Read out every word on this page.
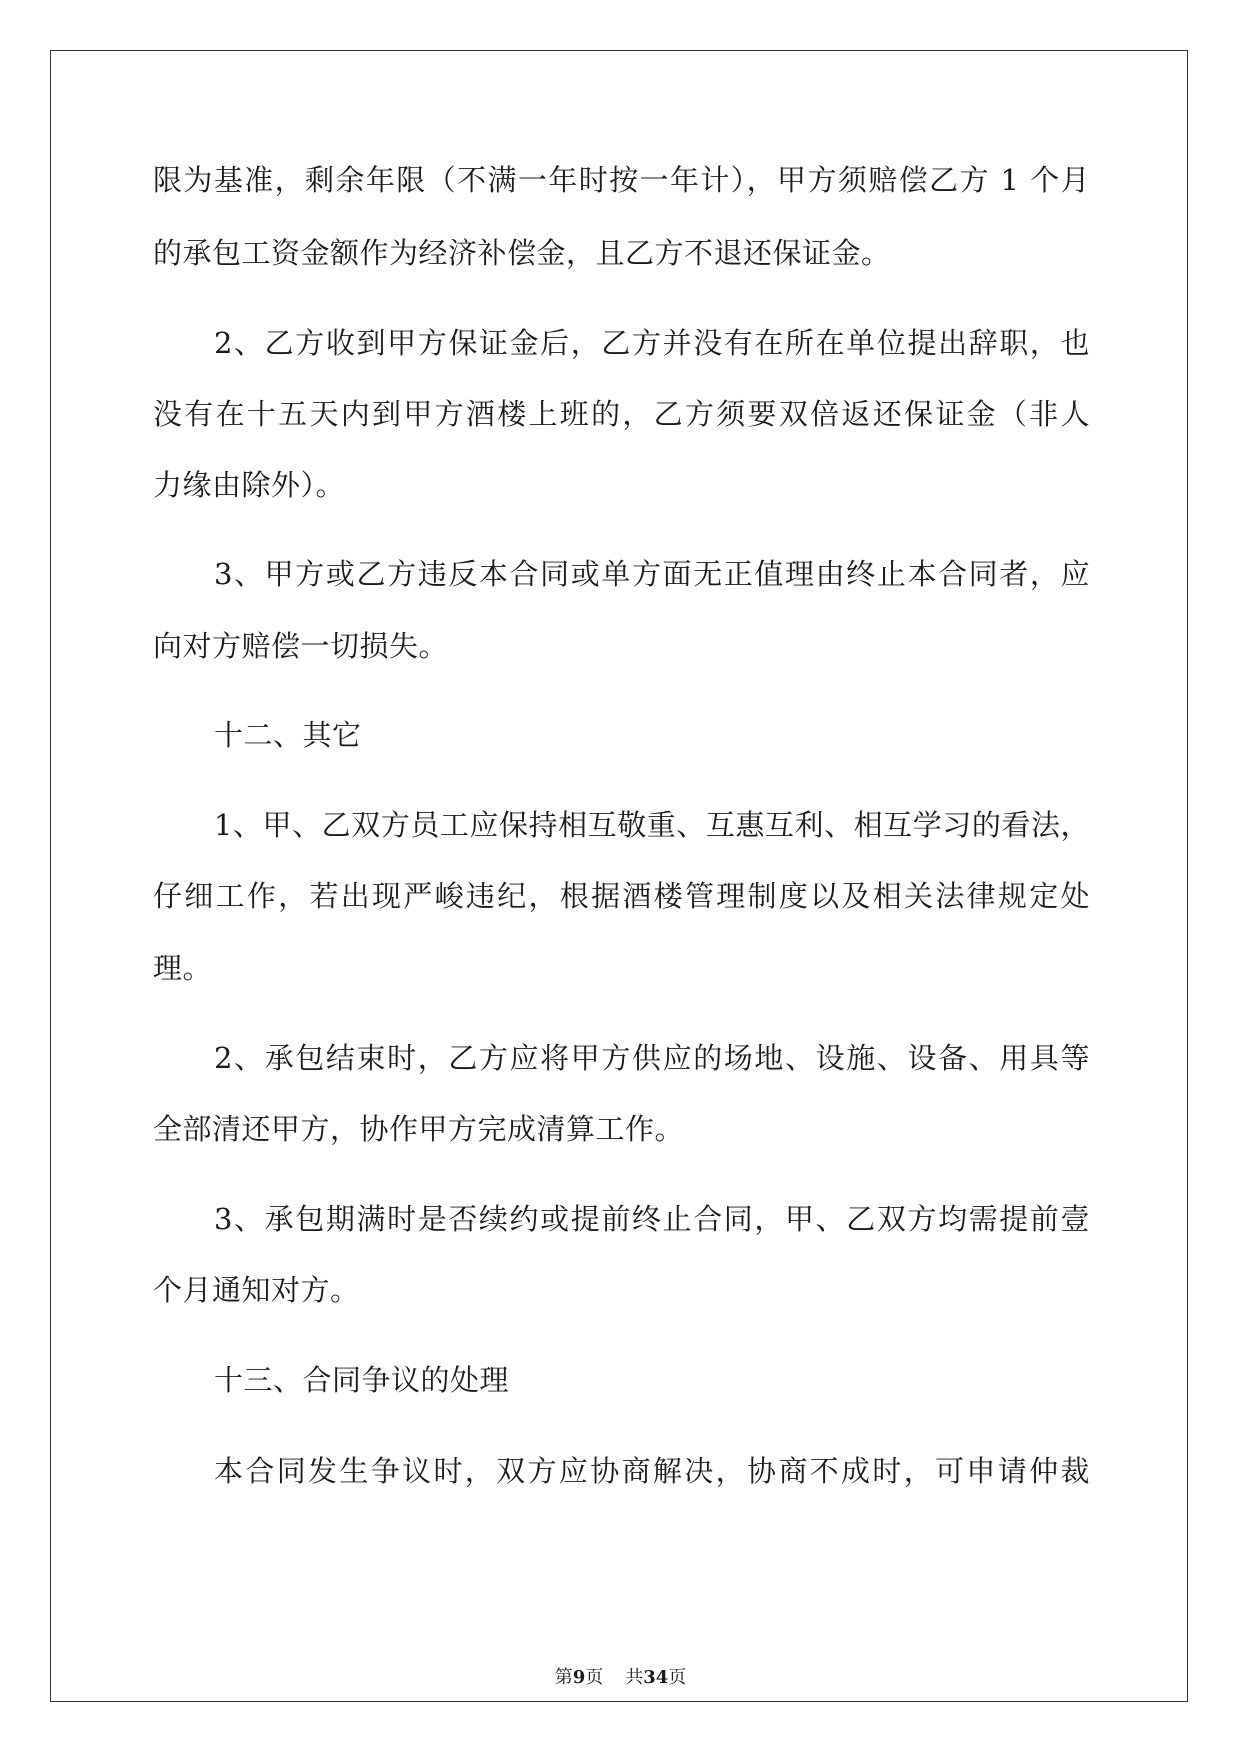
限为基准，剩余年限（不满一年时按一年计），甲方须赔偿乙方 1 个月
的承包工资金额作为经济补偿金，且乙方不退还保证金。
2、乙方收到甲方保证金后，乙方并没有在所在单位提出辞职，也
没有在十五天内到甲方酒楼上班的，乙方须要双倍返还保证金（非人
力缘由除外）。
3、甲方或乙方违反本合同或单方面无正值理由终止本合同者，应
向对方赔偿一切损失。
十二、其它
1、甲、乙双方员工应保持相互敬重、互惠互利、相互学习的看法，
仔细工作，若出现严峻违纪，根据酒楼管理制度以及相关法律规定处
理。
2、承包结束时，乙方应将甲方供应的场地、设施、设备、用具等
全部清还甲方，协作甲方完成清算工作。
3、承包期满时是否续约或提前终止合同，甲、乙双方均需提前壹
个月通知对方。
十三、合同争议的处理
本合同发生争议时，双方应协商解决，协商不成时，可申请仲裁
第9页 共34页
